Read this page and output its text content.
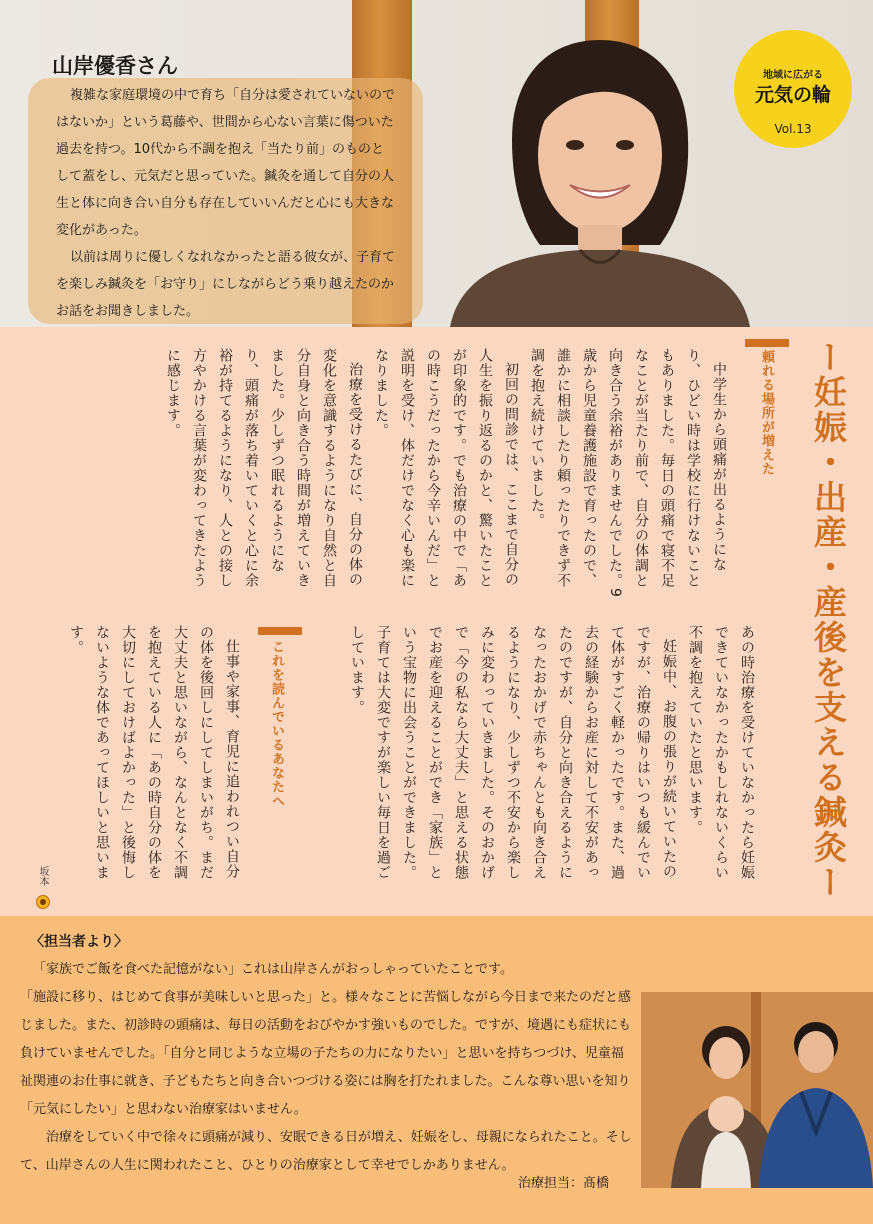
山岸優香さん
複雑な家庭環境の中で育ち「自分は愛されていないのではないか」という葛藤や、世間から心ない言葉に傷ついた過去を持つ。10代から不調を抱え「当たり前」のものとして蓋をし、元気だと思っていた。鍼灸を通して自分の人生と体に向き合い自分も存在していいんだと心にも大きな変化があった。
以前は周りに優しくなれなかったと語る彼女が、子育てを楽しみ鍼灸を「お守り」にしながらどう乗り越えたのかお話をお聞きしました。
地域に広がる
元気の輪
Vol.13
ー妊娠・出産・産後を支える鍼灸ー
頼れる場所が増えた

中学生から頭痛が出るようになり、ひどい時は学校に行けないこともありました。毎日の頭痛で寝不足なことが当たり前で、自分の体調と向き合う余裕がありませんでした。9歳から児童養護施設で育ったので、誰かに相談したり頼ったりできず不調を抱え続けていました。

初回の問診では、ここまで自分の人生を振り返るのかと、驚いたことが印象的です。でも治療の中で「あの時こうだったから今辛いんだ」と説明を受け、体だけでなく心も楽になりました。

治療を受けるたびに、自分の体の変化を意識するようになり自然と自分自身と向き合う時間が増えていきました。少しずつ眠れるようになり、頭痛が落ち着いていくと心に余裕が持てるようになり、人との接し方やかける言葉が変わってきたように感じます。

あの時治療を受けていなかったら妊娠できていなかったかもしれないくらい不調を抱えていたと思います。

妊娠中、お腹の張りが続いていたのですが、治療の帰りはいつも緩んでいて体がすごく軽かったです。また、過去の経験からお産に対して不安があったのですが、自分と向き合えるようになったおかげで赤ちゃんとも向き合えるようになり、少しずつ不安から楽しみに変わっていきました。そのおかげで「今の私なら大丈夫」と思える状態でお産を迎えることができ「家族」という宝物に出会うことができました。子育ては大変ですが楽しい毎日を過ごしています。

これを読んでいるあなたへ

仕事や家事、育児に追われつい自分の体を後回しにしてしまいがち。まだ大丈夫と思いながら、なんとなく不調を抱えている人に「あの時自分の体を大切にしておけばよかった」と後悔しないような体であってほしいと思います。

坂本
〈担当者より〉

「家族でご飯を食べた記憶がない」これは山岸さんがおっしゃっていたことです。

「施設に移り、はじめて食事が美味しいと思った」と。様々なことに苦悩しながら今日まで来たのだと感じました。また、初診時の頭痛は、毎日の活動をおびやかす強いものでした。ですが、境遇にも症状にも負けていませんでした。「自分と同じような立場の子たちの力になりたい」と思いを持ちつづけ、児童福祉関連のお仕事に就き、子どもたちと向き合いつづける姿には胸を打たれました。こんな尊い思いを知り「元気にしたい」と思わない治療家はいません。

治療をしていく中で徐々に頭痛が減り、安眠できる日が増え、妊娠をし、母親になられたこと。そして、山岸さんの人生に関われたこと、ひとりの治療家として幸せでしかありません。

治療担当：髙橋
